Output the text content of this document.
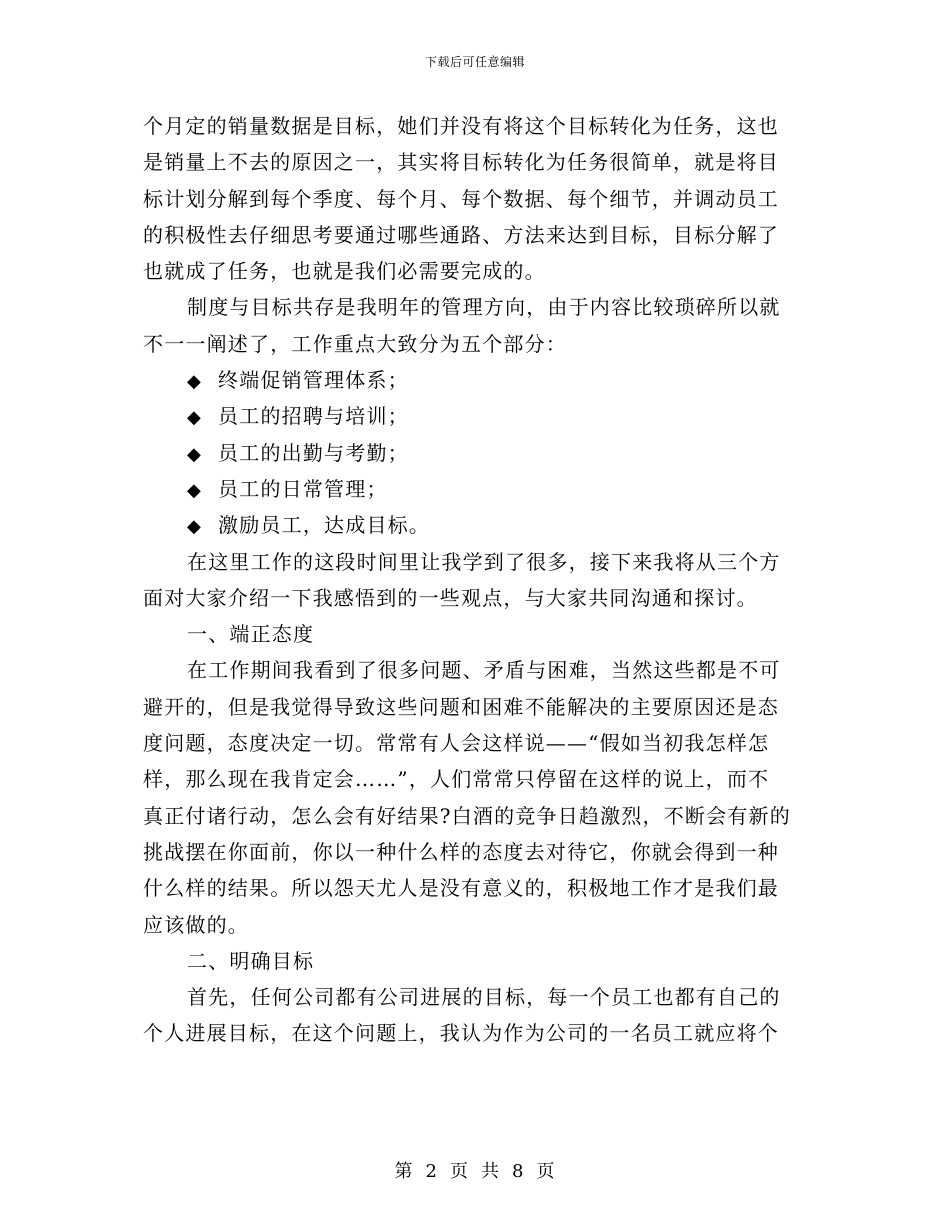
下载后可任意编辑
个月定的销量数据是目标，她们并没有将这个目标转化为任务，这也
是销量上不去的原因之一，其实将目标转化为任务很简单，就是将目
标计划分解到每个季度、每个月、每个数据、每个细节，并调动员工
的积极性去仔细思考要通过哪些通路、方法来达到目标，目标分解了
也就成了任务，也就是我们必需要完成的。
制度与目标共存是我明年的管理方向，由于内容比较琐碎所以就
不一一阐述了，工作重点大致分为五个部分：
◆ 终端促销管理体系；
◆ 员工的招聘与培训；
◆ 员工的出勤与考勤；
◆ 员工的日常管理；
◆ 激励员工，达成目标。
在这里工作的这段时间里让我学到了很多，接下来我将从三个方
面对大家介绍一下我感悟到的一些观点，与大家共同沟通和探讨。
一、端正态度
在工作期间我看到了很多问题、矛盾与困难，当然这些都是不可
避开的，但是我觉得导致这些问题和困难不能解决的主要原因还是态
度问题，态度决定一切。常常有人会这样说——“假如当初我怎样怎
样，那么现在我肯定会……”，人们常常只停留在这样的说上，而不
真正付诸行动，怎么会有好结果?白酒的竞争日趋激烈，不断会有新的
挑战摆在你面前，你以一种什么样的态度去对待它，你就会得到一种
什么样的结果。所以怨天尤人是没有意义的，积极地工作才是我们最
应该做的。
二、明确目标
首先，任何公司都有公司进展的目标，每一个员工也都有自己的
个人进展目标，在这个问题上，我认为作为公司的一名员工就应将个
第 2 页 共 8 页
